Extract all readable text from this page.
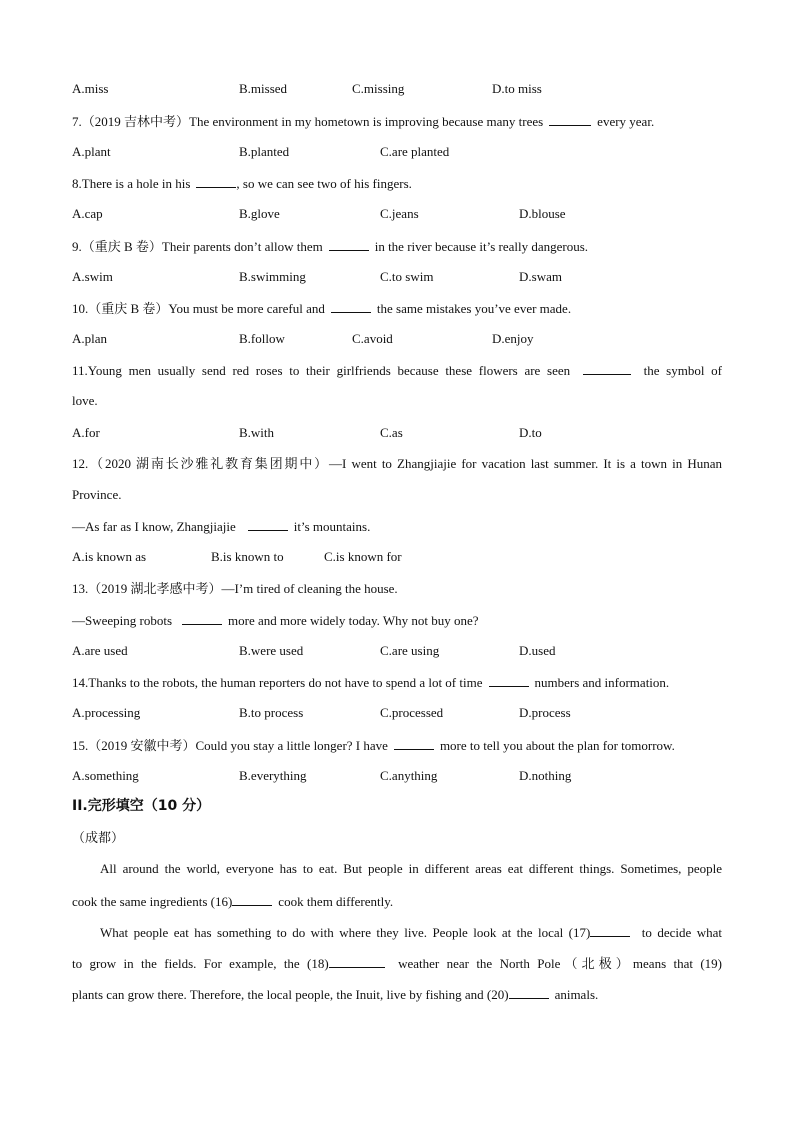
A.miss	B.missed	C.missing	D.to miss
7.（2019 吉林中考）The environment in my hometown is improving because many trees	every year.
A.plant	B.planted	C.are planted
8.There is a hole in his	, so we can see two of his fingers.
A.cap	B.glove	C.jeans	D.blouse
9.（重庆 B 卷）Their parents don’t allow them	in the river because it’s really dangerous.
A.swim	B.swimming	C.to swim	D.swam
10.（重庆 B 卷）You must be more careful and	the same mistakes you’ve ever made.
A.plan	B.follow	C.avoid	D.enjoy
11.Young men usually send red roses to their girlfriends because these flowers are seen	the symbol of
love.
A.for	B.with	C.as	D.to
12.（2020 湖南长沙雅礼教育集团期中）—I went to Zhangjiajie for vacation last summer. It is a town in Hunan
Province.
—As far as I know, Zhangjiajie	it’s mountains.
A.is known as	B.is known to	C.is known for
13.（2019 湖北孝感中考）—I’m tired of cleaning the house.
—Sweeping robots	more and more widely today. Why not buy one?
A.are used	B.were used	C.are using	D.used
14.Thanks to the robots, the human reporters do not have to spend a lot of time	numbers and information.
A.processing	B.to process	C.processed	D.process
15.（2019 安徽中考）Could you stay a little longer? I have	more to tell you about the plan for tomorrow.
A.something	B.everything	C.anything	D.nothing
II.完形填空（10 分）
（成都）
All around the world, everyone has to eat. But people in different areas eat different things. Sometimes, people
cook the same ingredients (16)	cook them differently.
What people eat has something to do with where they live. People look at the local (17)	to decide what
to grow in the fields. For example, the (18)	weather near the North Pole（北极）means that (19)
plants can grow there. Therefore, the local people, the Inuit, live by fishing and (20)	animals.
